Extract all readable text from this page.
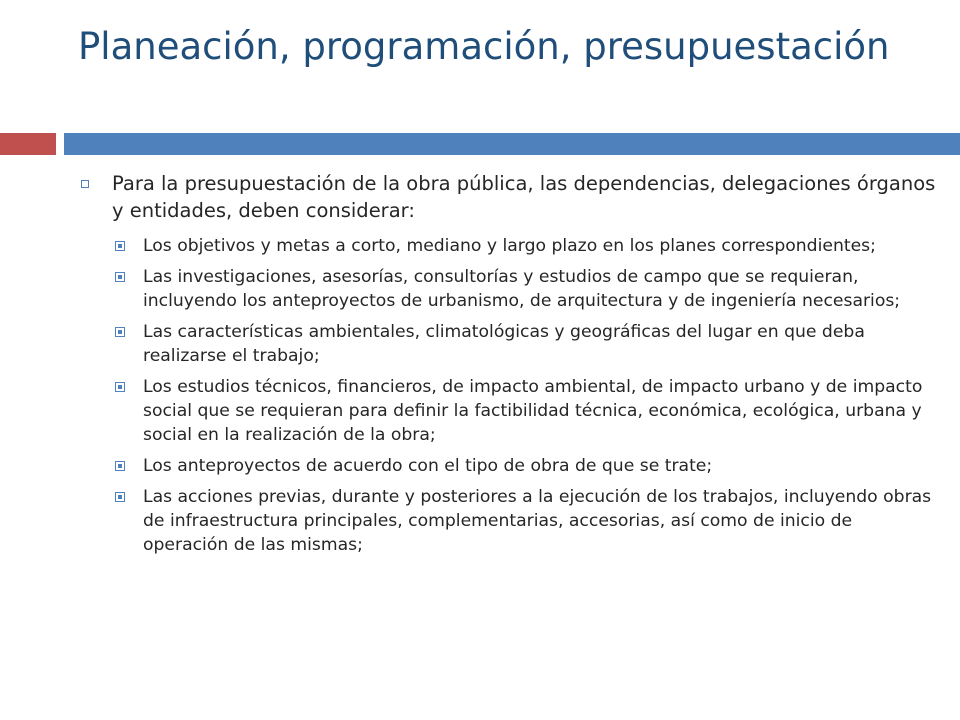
Planeación, programación, presupuestación
Para la presupuestación de la obra pública, las dependencias, delegaciones órganos y entidades, deben considerar:
Los objetivos y metas a corto, mediano y largo plazo en los planes correspondientes;
Las investigaciones, asesorías, consultorías y estudios de campo que se requieran, incluyendo los anteproyectos de urbanismo, de arquitectura y de ingeniería necesarios;
Las características ambientales, climatológicas y geográficas del lugar en que deba realizarse el trabajo;
Los estudios técnicos, financieros, de impacto ambiental, de impacto urbano y de impacto social que se requieran para definir la factibilidad técnica, económica, ecológica, urbana y social en la realización de la obra;
Los anteproyectos de acuerdo con el tipo de obra de que se trate;
Las acciones previas, durante y posteriores a la ejecución de los trabajos, incluyendo obras de infraestructura principales, complementarias, accesorias, así como de inicio de operación de las mismas;
